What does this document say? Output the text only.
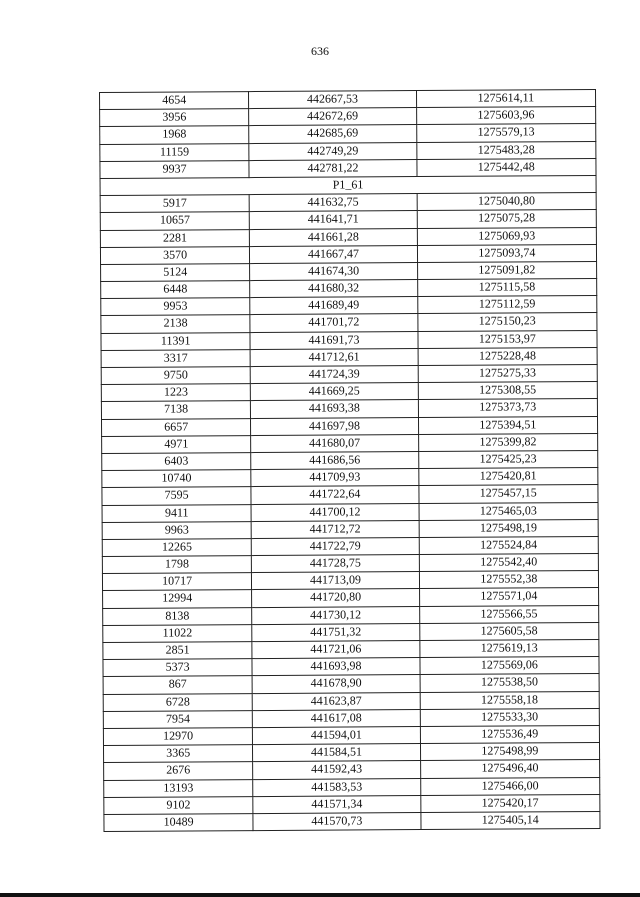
636
4654	442667,53	1275614,11
3956	442672,69	1275603,96
1968	442685,69	1275579,13
11159	442749,29	1275483,28
9937	442781,22	1275442,48
P1_61		
5917	441632,75	1275040,80
10657	441641,71	1275075,28
2281	441661,28	1275069,93
3570	441667,47	1275093,74
5124	441674,30	1275091,82
6448	441680,32	1275115,58
9953	441689,49	1275112,59
2138	441701,72	1275150,23
11391	441691,73	1275153,97
3317	441712,61	1275228,48
9750	441724,39	1275275,33
1223	441669,25	1275308,55
7138	441693,38	1275373,73
6657	441697,98	1275394,51
4971	441680,07	1275399,82
6403	441686,56	1275425,23
10740	441709,93	1275420,81
7595	441722,64	1275457,15
9411	441700,12	1275465,03
9963	441712,72	1275498,19
12265	441722,79	1275524,84
1798	441728,75	1275542,40
10717	441713,09	1275552,38
12994	441720,80	1275571,04
8138	441730,12	1275566,55
11022	441751,32	1275605,58
2851	441721,06	1275619,13
5373	441693,98	1275569,06
867	441678,90	1275538,50
6728	441623,87	1275558,18
7954	441617,08	1275533,30
12970	441594,01	1275536,49
3365	441584,51	1275498,99
2676	441592,43	1275496,40
13193	441583,53	1275466,00
9102	441571,34	1275420,17
10489	441570,73	1275405,14
